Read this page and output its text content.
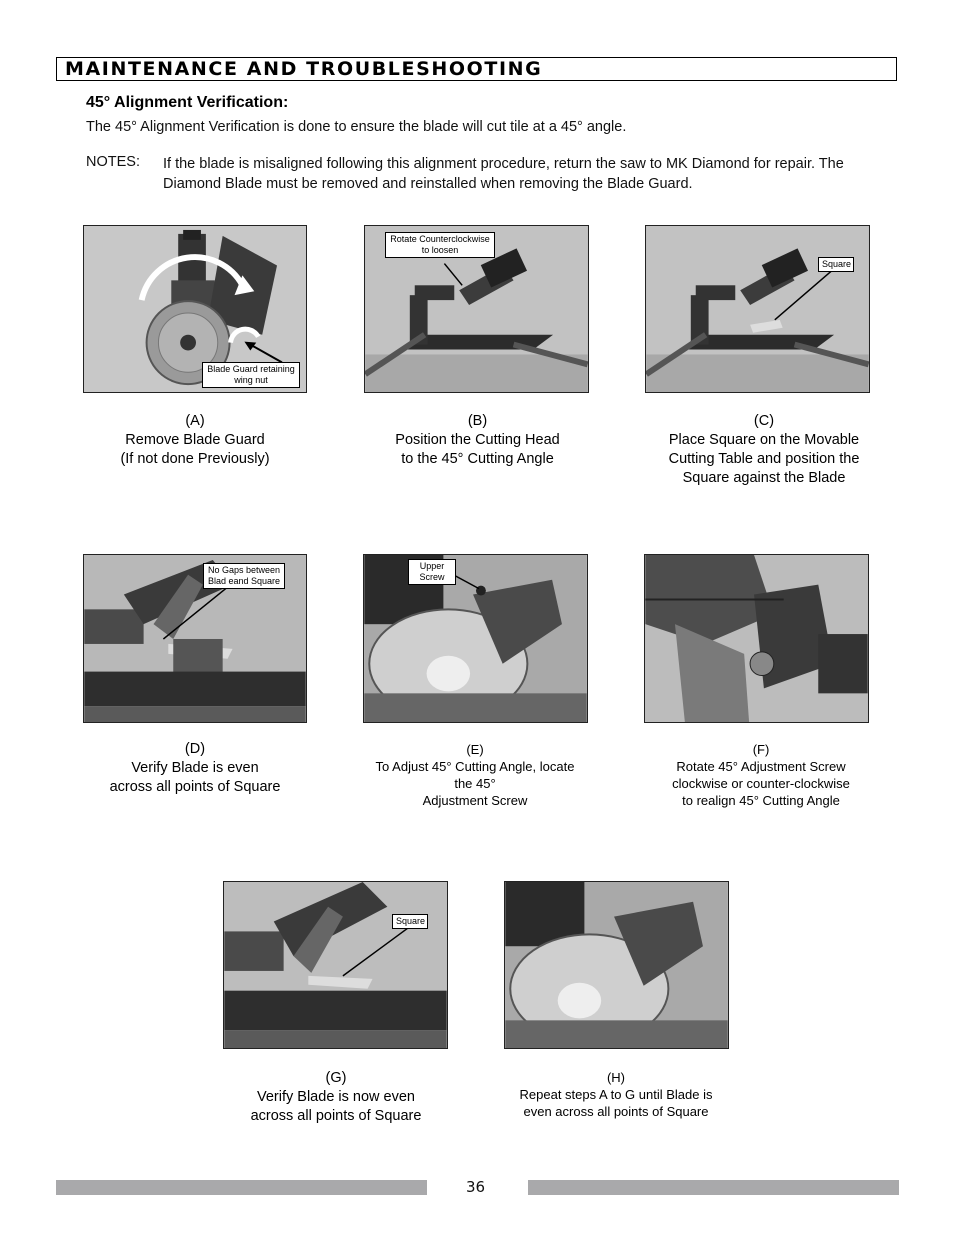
MAINTENANCE AND TROUBLESHOOTING
45° Alignment Verification:
The 45° Alignment Verification is done to ensure the blade will cut tile at a 45° angle.
NOTES: If the blade is misaligned following this alignment procedure, return the saw to MK Diamond for repair. The Diamond Blade must be removed and reinstalled when removing the Blade Guard.
Blade Guard retaining wing nut
Rotate Counterclockwise to loosen
Square
(A)
Remove Blade Guard
(If not done Previously)
(B)
Position the Cutting Head
to the 45° Cutting Angle
(C)
Place Square on the Movable
Cutting Table and position the
Square against the Blade
No Gaps between
Blad eand Square
Upper
Screw
(D)
Verify Blade is even
across all points of Square
(E)
To Adjust 45° Cutting Angle, locate
the 45°
Adjustment Screw
(F)
Rotate 45° Adjustment Screw
clockwise or counter-clockwise
to realign 45° Cutting Angle
Square
(G)
Verify Blade is now even
across all points of Square
(H)
Repeat steps A to G until Blade is
even across all points of Square
36
